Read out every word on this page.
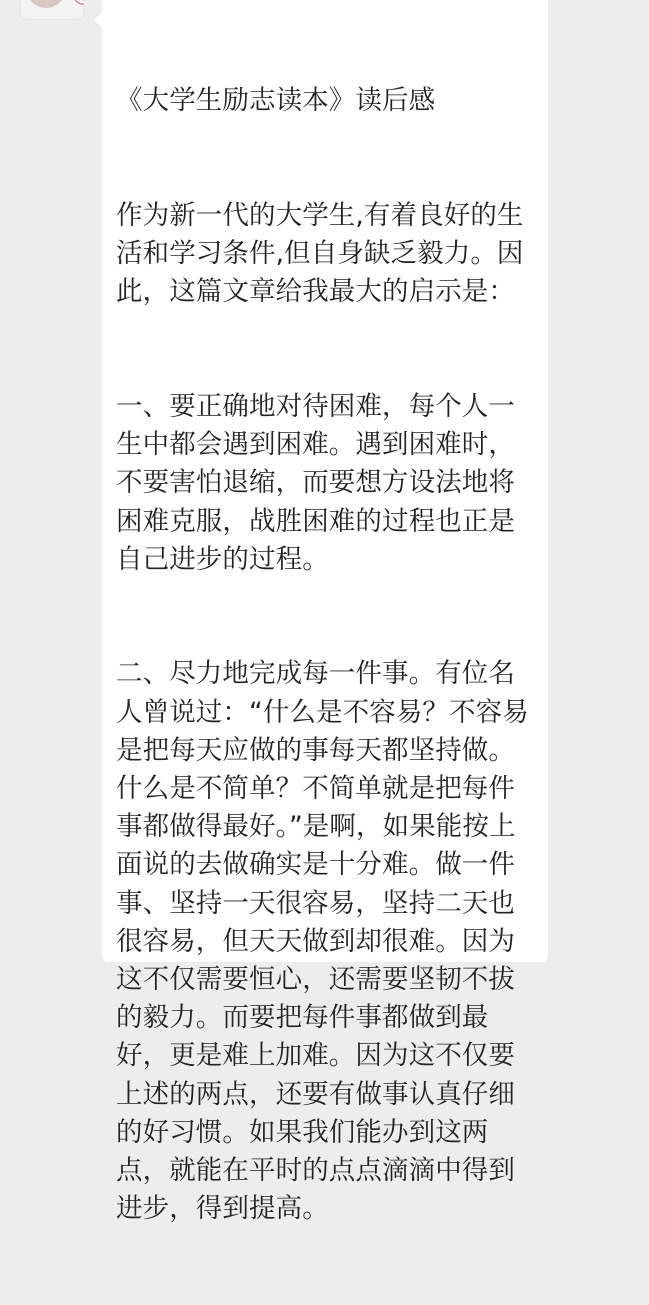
《大学生励志读本》读后感

作为新一代的大学生,有着良好的生活和学习条件,但自身缺乏毅力。因此，这篇文章给我最大的启示是：

一、要正确地对待困难，每个人一生中都会遇到困难。遇到困难时，不要害怕退缩，而要想方设法地将困难克服，战胜困难的过程也正是自己进步的过程。

二、尽力地完成每一件事。有位名人曾说过：“什么是不容易？不容易是把每天应做的事每天都坚持做。什么是不简单？不简单就是把每件事都做得最好。”是啊，如果能按上面说的去做确实是十分难。做一件事、坚持一天很容易，坚持二天也很容易，但天天做到却很难。因为这不仅需要恒心，还需要坚韧不拔的毅力。而要把每件事都做到最好，更是难上加难。因为这不仅要上述的两点，还要有做事认真仔细的好习惯。如果我们能办到这两点，就能在平时的点点滴滴中得到进步，得到提高。
